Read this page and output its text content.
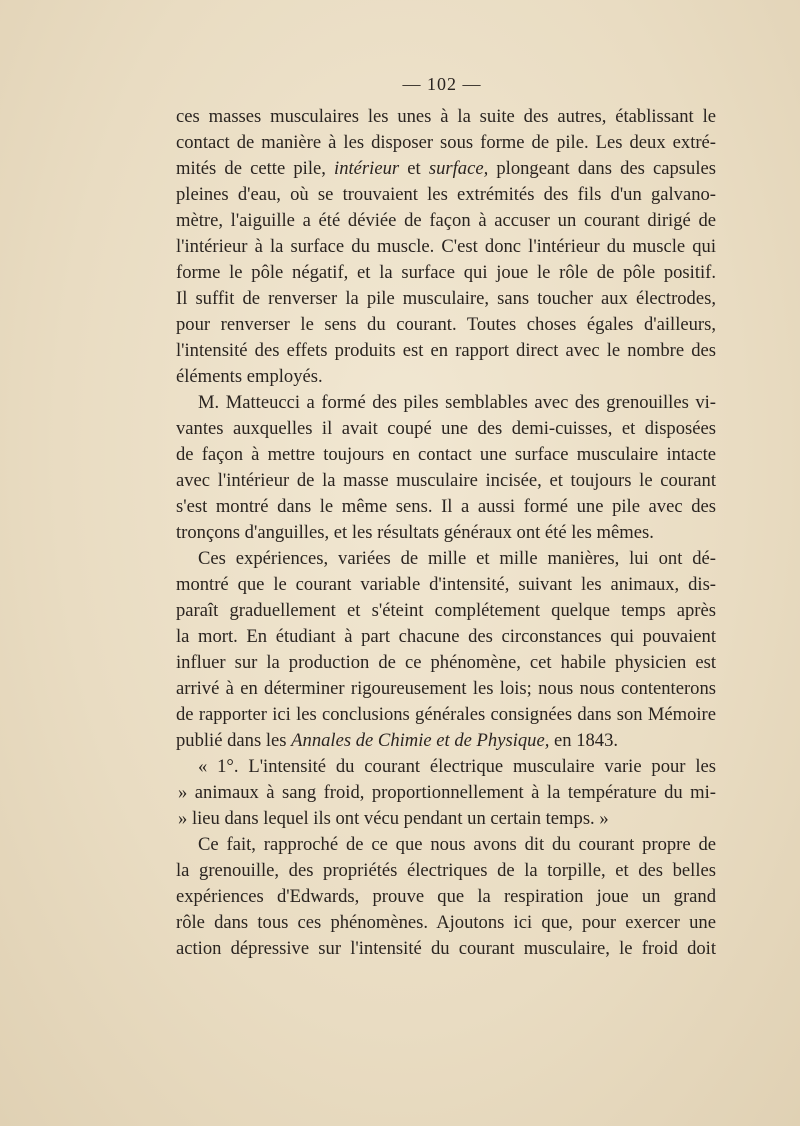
— 102 —
ces masses musculaires les unes à la suite des autres, établissant le
contact de manière à les disposer sous forme de pile. Les deux extré-
mités de cette pile, intérieur et surface, plongeant dans des capsules
pleines d'eau, où se trouvaient les extrémités des fils d'un galvano-
mètre, l'aiguille a été déviée de façon à accuser un courant dirigé de
l'intérieur à la surface du muscle. C'est donc l'intérieur du muscle qui
forme le pôle négatif, et la surface qui joue le rôle de pôle positif.
Il suffit de renverser la pile musculaire, sans toucher aux électrodes,
pour renverser le sens du courant. Toutes choses égales d'ailleurs,
l'intensité des effets produits est en rapport direct avec le nombre des
éléments employés.
M. Matteucci a formé des piles semblables avec des grenouilles vi-
vantes auxquelles il avait coupé une des demi-cuisses, et disposées
de façon à mettre toujours en contact une surface musculaire intacte
avec l'intérieur de la masse musculaire incisée, et toujours le courant
s'est montré dans le même sens. Il a aussi formé une pile avec des
tronçons d'anguilles, et les résultats généraux ont été les mêmes.
Ces expériences, variées de mille et mille manières, lui ont dé-
montré que le courant variable d'intensité, suivant les animaux, dis-
paraît graduellement et s'éteint complétement quelque temps après
la mort. En étudiant à part chacune des circonstances qui pouvaient
influer sur la production de ce phénomène, cet habile physicien est
arrivé à en déterminer rigoureusement les lois; nous nous contenterons
de rapporter ici les conclusions générales consignées dans son Mémoire
publié dans les Annales de Chimie et de Physique, en 1843.
« 1°. L'intensité du courant électrique musculaire varie pour les
» animaux à sang froid, proportionnellement à la température du mi-
» lieu dans lequel ils ont vécu pendant un certain temps. »
Ce fait, rapproché de ce que nous avons dit du courant propre de
la grenouille, des propriétés électriques de la torpille, et des belles
expériences d'Edwards, prouve que la respiration joue un grand
rôle dans tous ces phénomènes. Ajoutons ici que, pour exercer une
action dépressive sur l'intensité du courant musculaire, le froid doit
